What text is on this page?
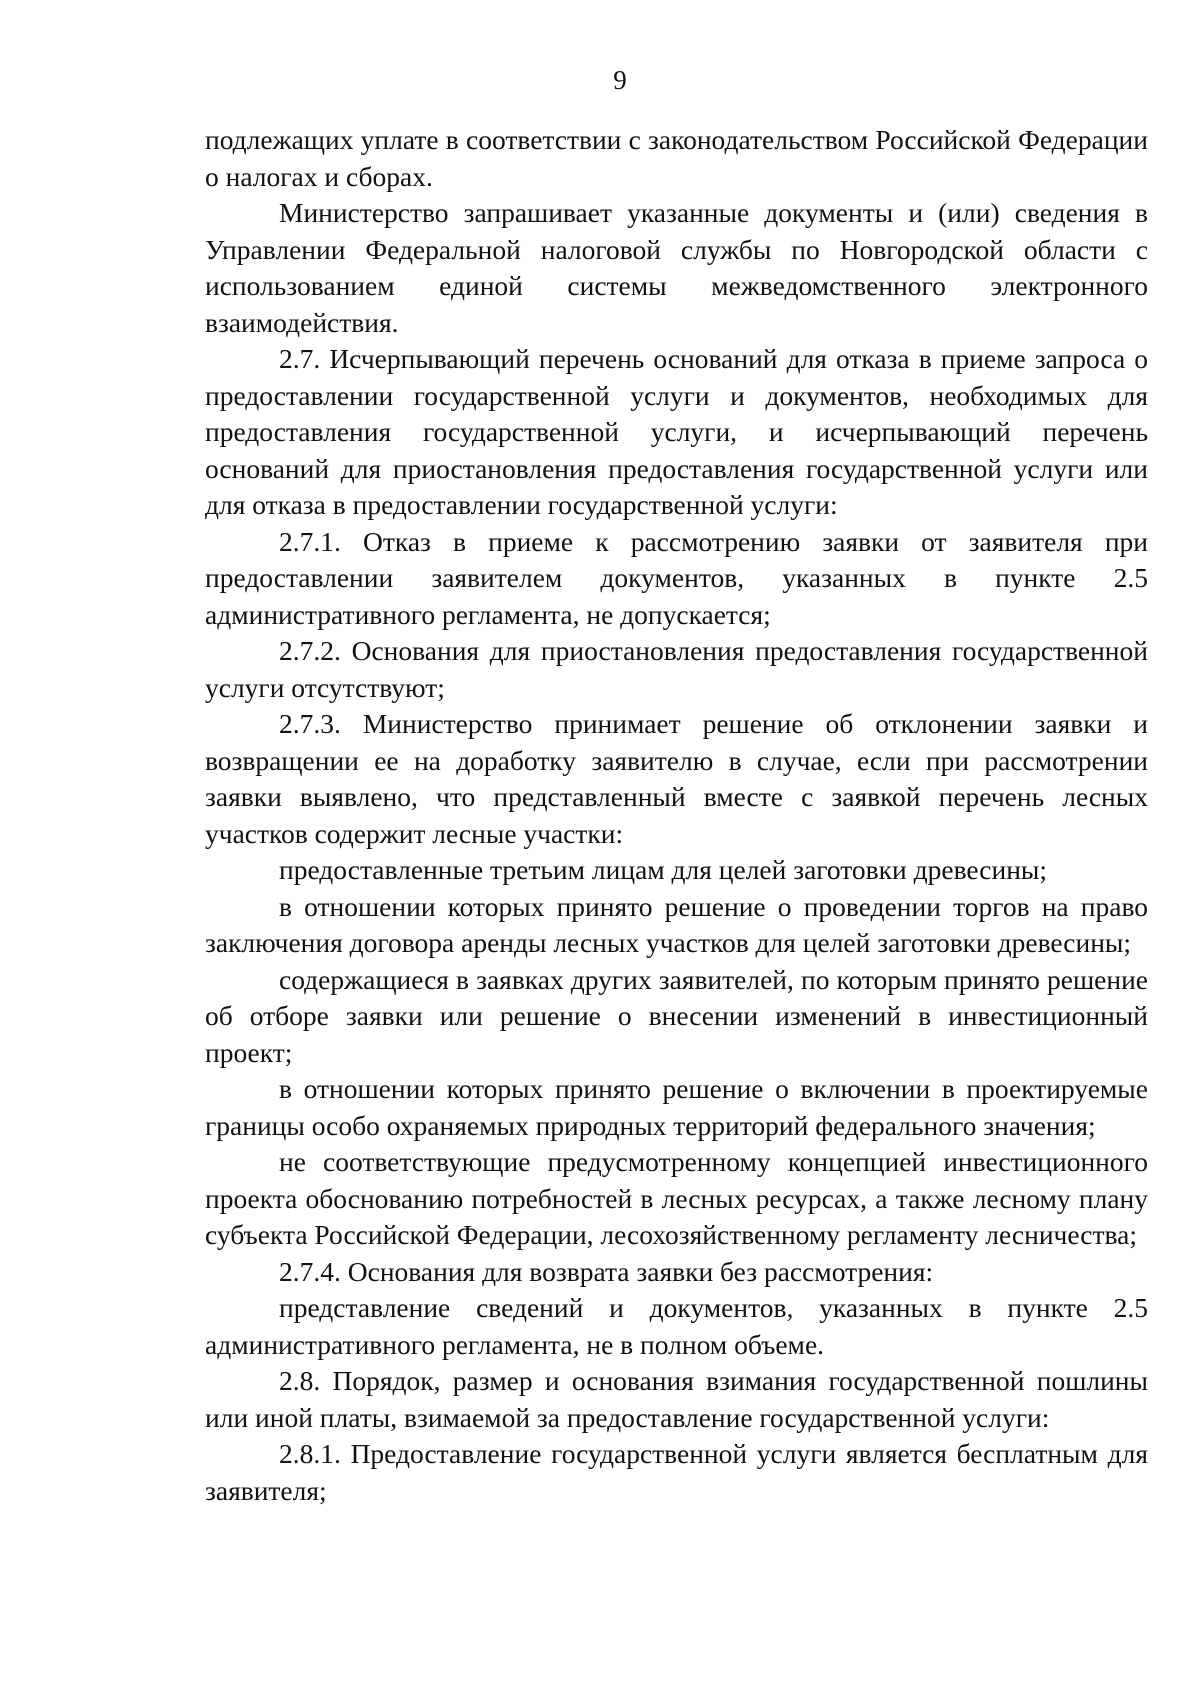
9

подлежащих уплате в соответствии с законодательством Российской Федерации о налогах и сборах.

Министерство запрашивает указанные документы и (или) сведения в Управлении Федеральной налоговой службы по Новгородской области с использованием единой системы межведомственного электронного взаимодействия.

2.7. Исчерпывающий перечень оснований для отказа в приеме запроса о предоставлении государственной услуги и документов, необходимых для предоставления государственной услуги, и исчерпывающий перечень оснований для приостановления предоставления государственной услуги или для отказа в предоставлении государственной услуги:

2.7.1. Отказ в приеме к рассмотрению заявки от заявителя при предоставлении заявителем документов, указанных в пункте 2.5 административного регламента, не допускается;

2.7.2. Основания для приостановления предоставления государственной услуги отсутствуют;

2.7.3. Министерство принимает решение об отклонении заявки и возвращении ее на доработку заявителю в случае, если при рассмотрении заявки выявлено, что представленный вместе с заявкой перечень лесных участков содержит лесные участки:

предоставленные третьим лицам для целей заготовки древесины;

в отношении которых принято решение о проведении торгов на право заключения договора аренды лесных участков для целей заготовки древесины;

содержащиеся в заявках других заявителей, по которым принято решение об отборе заявки или решение о внесении изменений в инвестиционный проект;

в отношении которых принято решение о включении в проектируемые границы особо охраняемых природных территорий федерального значения;

не соответствующие предусмотренному концепцией инвестиционного проекта обоснованию потребностей в лесных ресурсах, а также лесному плану субъекта Российской Федерации, лесохозяйственному регламенту лесничества;

2.7.4. Основания для возврата заявки без рассмотрения:

представление сведений и документов, указанных в пункте 2.5 административного регламента, не в полном объеме.

2.8. Порядок, размер и основания взимания государственной пошлины или иной платы, взимаемой за предоставление государственной услуги:

2.8.1. Предоставление государственной услуги является бесплатным для заявителя;
